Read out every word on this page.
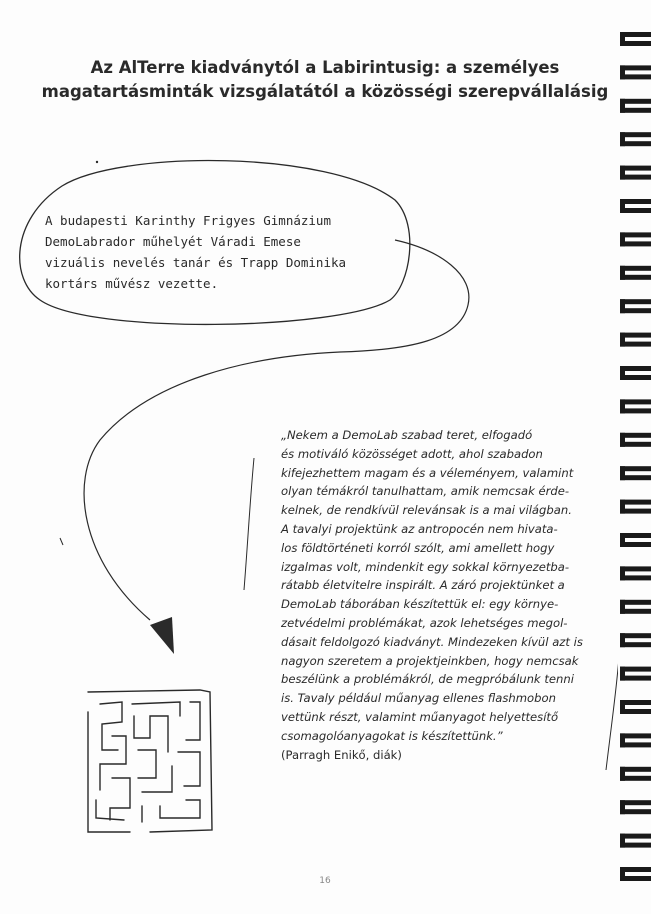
Az AlTerre kiadványtól a Labirintusig: a személyes
magatartásminták vizsgálatától a közösségi szerepvállalásig
A budapesti Karinthy Frigyes Gimnázium
DemoLabrador műhelyét Váradi Emese
vizuális nevelés tanár és Trapp Dominika
kortárs művész vezette.
„Nekem a DemoLab szabad teret, elfogadó
és motiváló közösséget adott, ahol szabadon
kifejezhettem magam és a véleményem, valamint
olyan témákról tanulhattam, amik nemcsak érde-
kelnek, de rendkívül relevánsak is a mai világban.
A tavalyi projektünk az antropocén nem hivata-
los földtörténeti korról szólt, ami amellett hogy
izgalmas volt, mindenkit egy sokkal környezetba-
rátabb életvitelre inspirált. A záró projektünket a
DemoLab táborában készítettük el: egy környe-
zetvédelmi problémákat, azok lehetséges megol-
dásait feldolgozó kiadványt. Mindezeken kívül azt is
nagyon szeretem a projektjeinkben, hogy nemcsak
beszélünk a problémákról, de megpróbálunk tenni
is. Tavaly például műanyag ellenes flashmobon
vettünk részt, valamint műanyagot helyettesítő
csomagolóanyagokat is készítettünk.”
(Parragh Enikő, diák)
16
